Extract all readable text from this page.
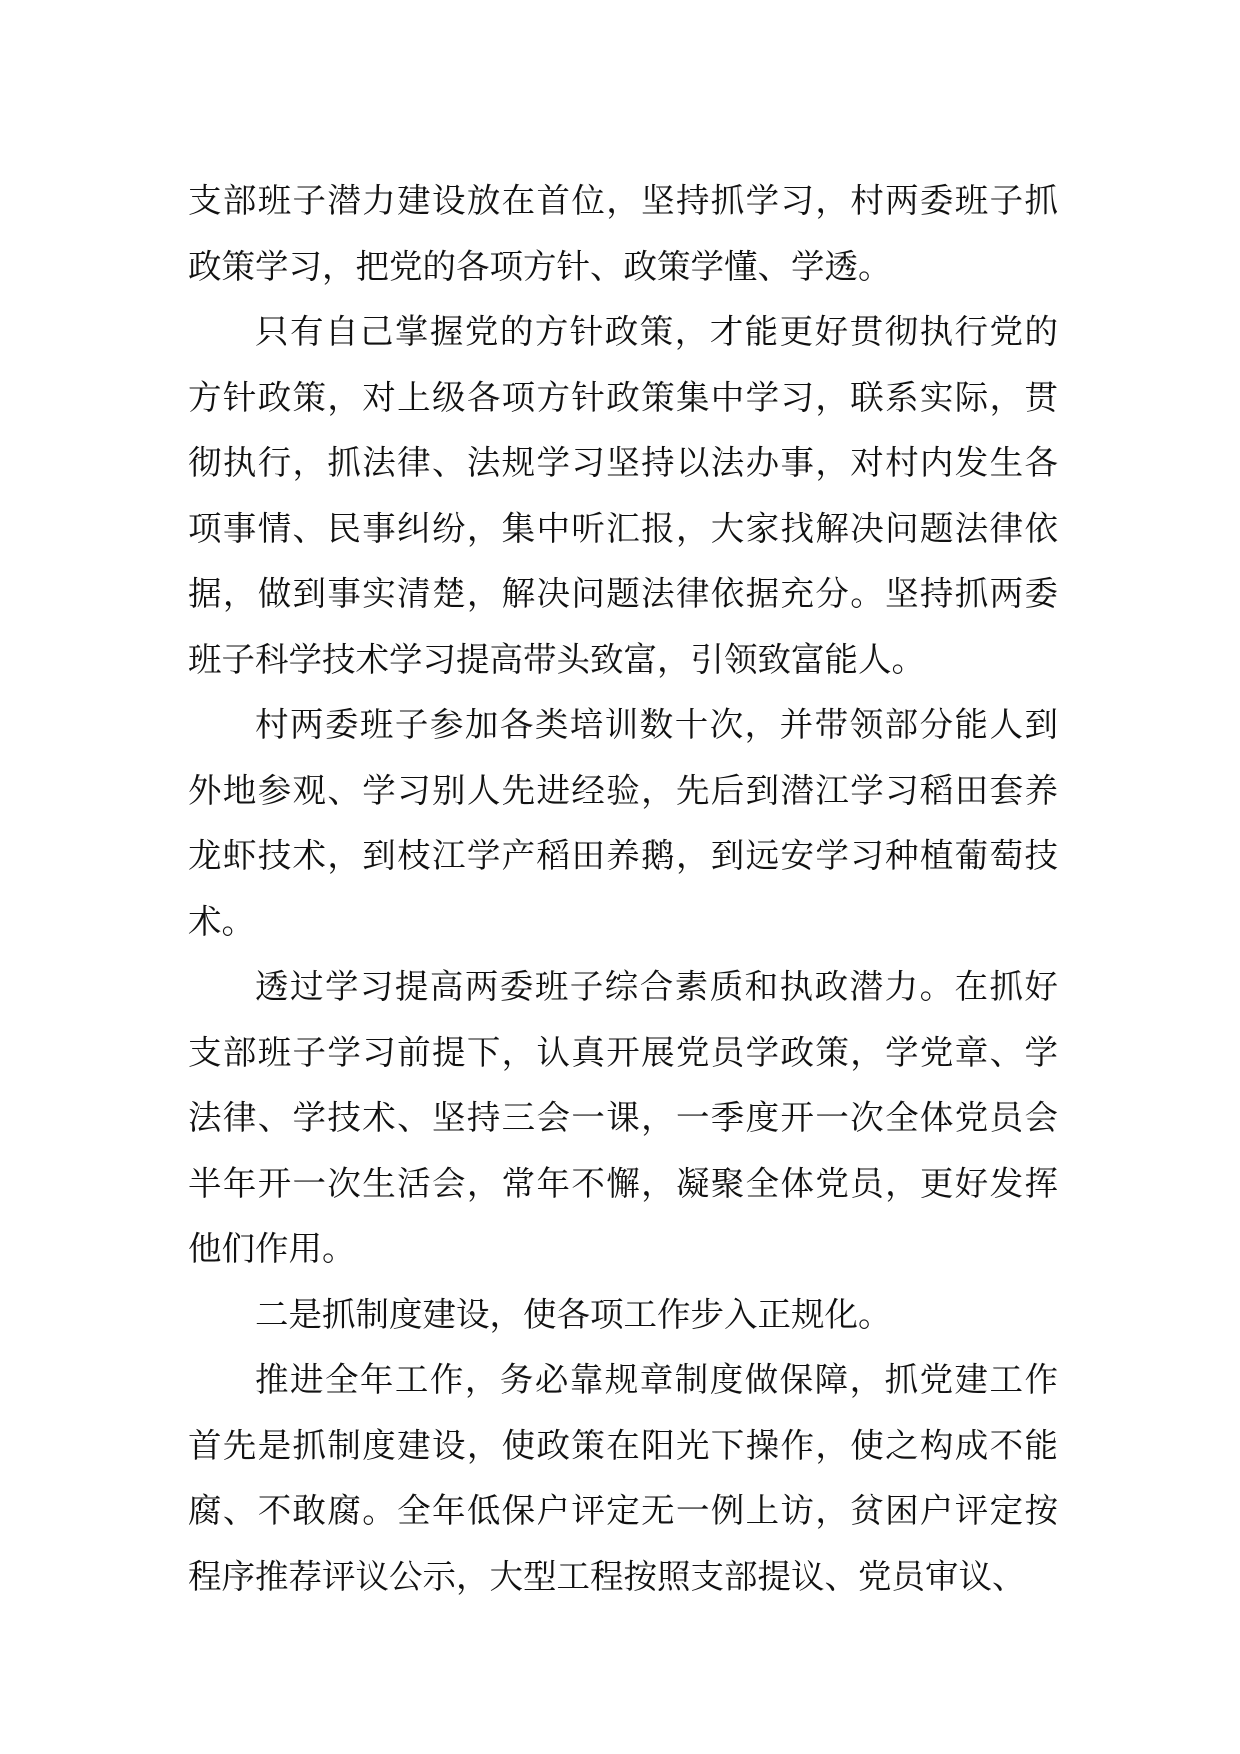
支部班子潜力建设放在首位，坚持抓学习，村两委班子抓政策学习，把党的各项方针、政策学懂、学透。

只有自己掌握党的方针政策，才能更好贯彻执行党的方针政策，对上级各项方针政策集中学习，联系实际，贯彻执行，抓法律、法规学习坚持以法办事，对村内发生各项事情、民事纠纷，集中听汇报，大家找解决问题法律依据，做到事实清楚，解决问题法律依据充分。坚持抓两委班子科学技术学习提高带头致富，引领致富能人。

村两委班子参加各类培训数十次，并带领部分能人到外地参观、学习别人先进经验，先后到潜江学习稻田套养龙虾技术，到枝江学产稻田养鹅，到远安学习种植葡萄技术。

透过学习提高两委班子综合素质和执政潜力。在抓好支部班子学习前提下，认真开展党员学政策，学党章、学法律、学技术、坚持三会一课，一季度开一次全体党员会半年开一次生活会，常年不懈，凝聚全体党员，更好发挥他们作用。

二是抓制度建设，使各项工作步入正规化。

推进全年工作，务必靠规章制度做保障，抓党建工作首先是抓制度建设，使政策在阳光下操作，使之构成不能腐、不敢腐。全年低保户评定无一例上访，贫困户评定按程序推荐评议公示，大型工程按照支部提议、党员审议、
